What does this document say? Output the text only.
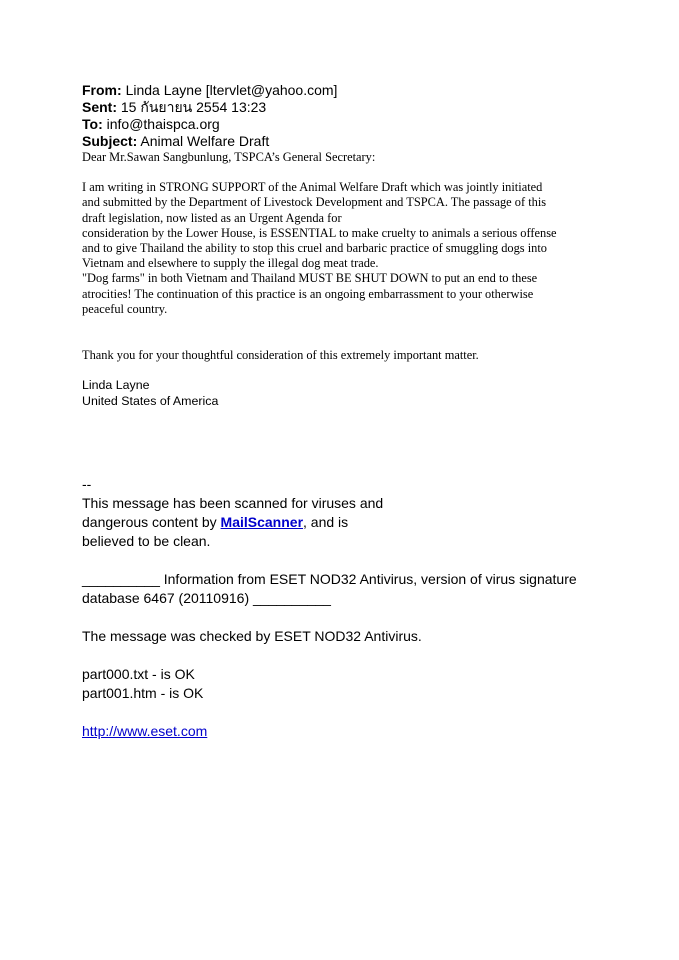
From: Linda Layne [ltervlet@yahoo.com]
Sent: 15 กันยายน 2554 13:23
To: info@thaispca.org
Subject: Animal Welfare Draft
Dear Mr.Sawan Sangbunlung, TSPCA’s General Secretary:
I am writing in STRONG SUPPORT of the Animal Welfare Draft which was jointly initiated
and submitted by the Department of Livestock Development and TSPCA. The passage of this
draft legislation, now listed as an Urgent Agenda for
consideration by the Lower House, is ESSENTIAL to make cruelty to animals a serious offense
and to give Thailand the ability to stop this cruel and barbaric practice of smuggling dogs into
Vietnam and elsewhere to supply the illegal dog meat trade.
"Dog farms" in both Vietnam and Thailand MUST BE SHUT DOWN to put an end to these
atrocities! The continuation of this practice is an ongoing embarrassment to your otherwise
peaceful country.
Thank you for your thoughtful consideration of this extremely important matter.
Linda Layne
United States of America
--
This message has been scanned for viruses and
dangerous content by MailScanner, and is
believed to be clean.
__________ Information from ESET NOD32 Antivirus, version of virus signature
database 6467 (20110916) __________
The message was checked by ESET NOD32 Antivirus.
part000.txt - is OK
part001.htm - is OK
http://www.eset.com
